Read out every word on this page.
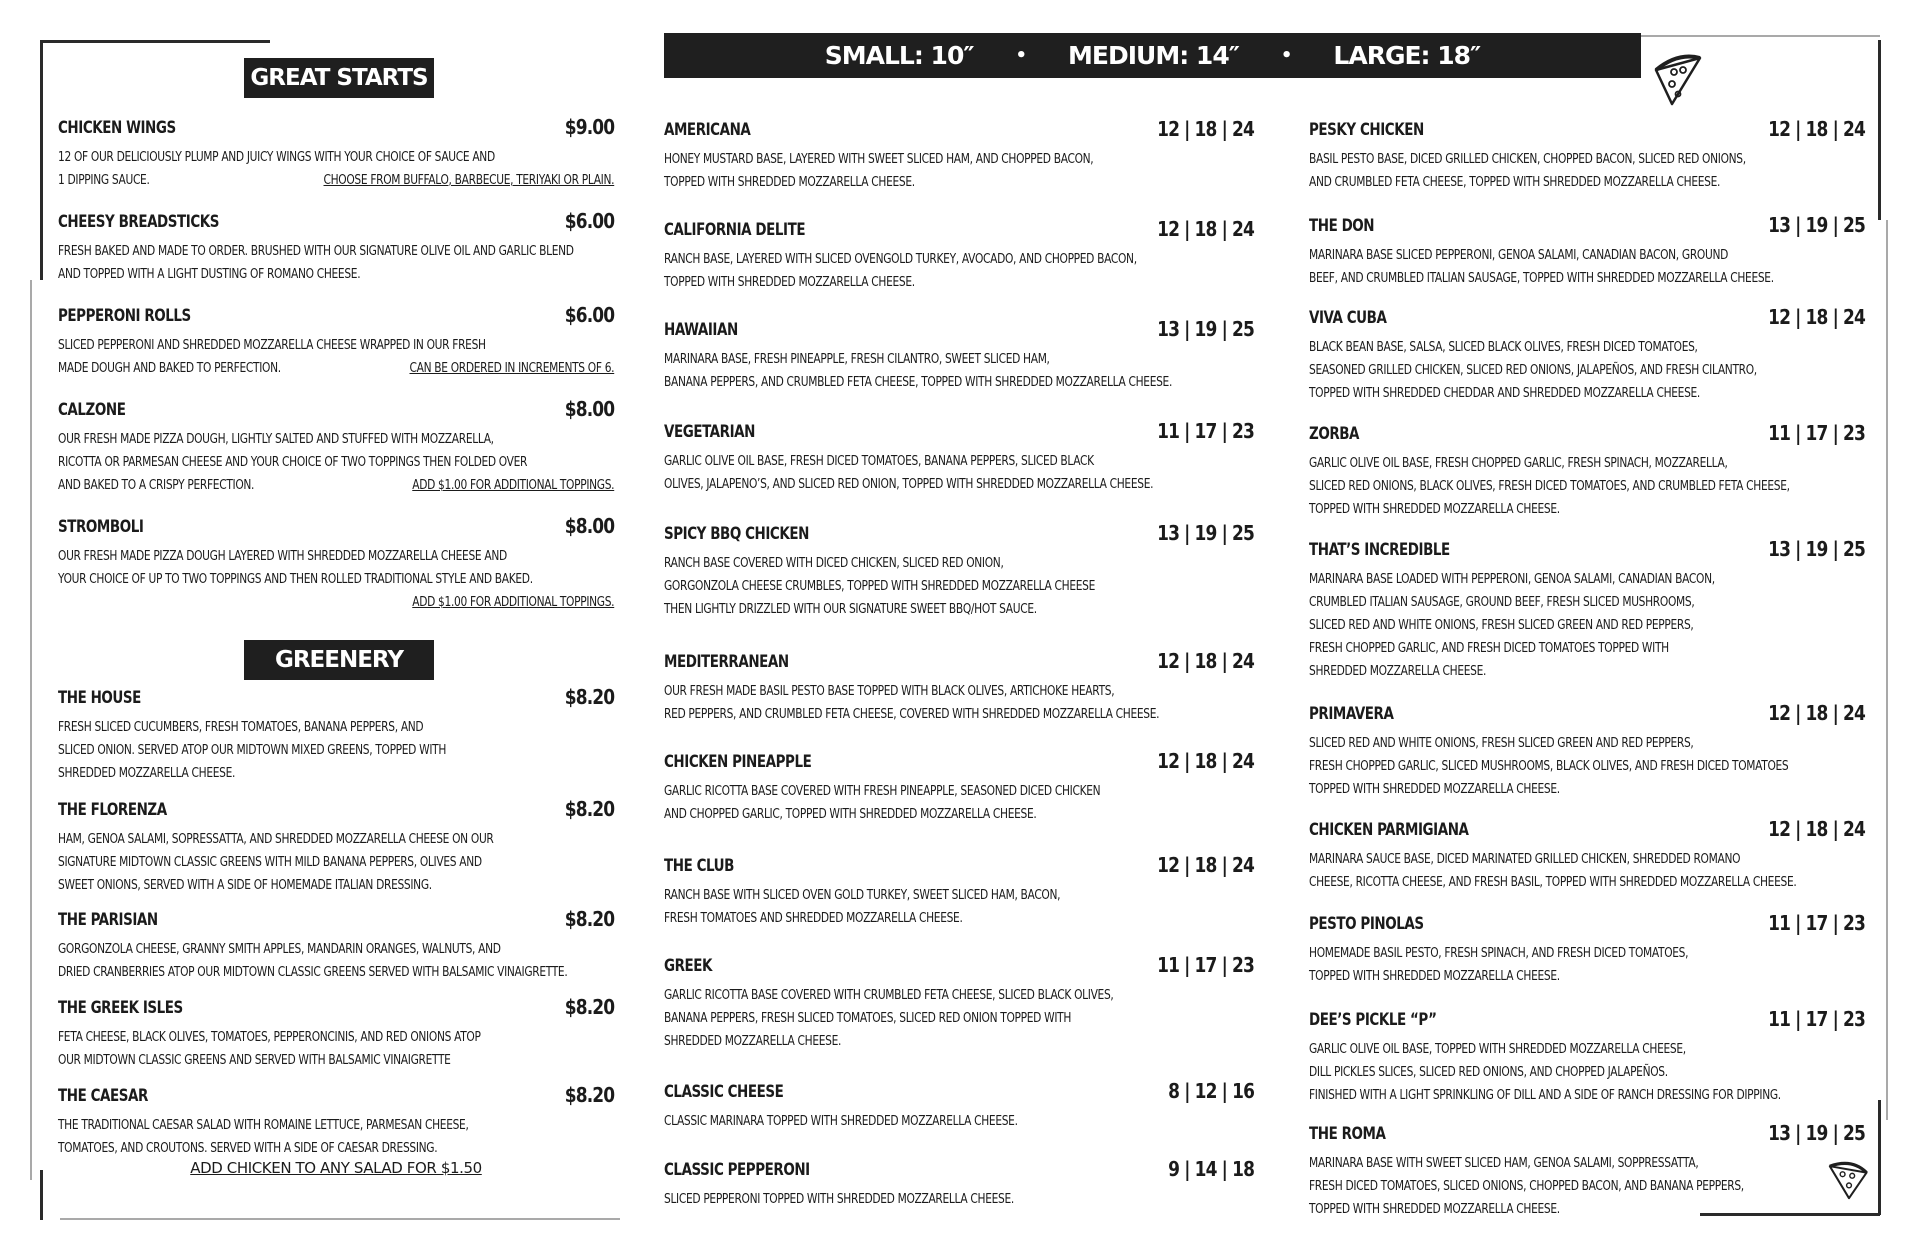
SMALL: 10″ • MEDIUM: 14″ • LARGE: 18″
GREAT STARTS
GREENERY
CHICKEN WINGS	$9.00
12 OF OUR DELICIOUSLY PLUMP AND JUICY WINGS WITH YOUR CHOICE OF SAUCE AND
1 DIPPING SAUCE.	CHOOSE FROM BUFFALO, BARBECUE, TERIYAKI OR PLAIN.
CHEESY BREADSTICKS	$6.00
FRESH BAKED AND MADE TO ORDER. BRUSHED WITH OUR SIGNATURE OLIVE OIL AND GARLIC BLEND
AND TOPPED WITH A LIGHT DUSTING OF ROMANO CHEESE.
PEPPERONI ROLLS	$6.00
SLICED PEPPERONI AND SHREDDED MOZZARELLA CHEESE WRAPPED IN OUR FRESH
MADE DOUGH AND BAKED TO PERFECTION.	CAN BE ORDERED IN INCREMENTS OF 6.
CALZONE	$8.00
OUR FRESH MADE PIZZA DOUGH, LIGHTLY SALTED AND STUFFED WITH MOZZARELLA,
RICOTTA OR PARMESAN CHEESE AND YOUR CHOICE OF TWO TOPPINGS THEN FOLDED OVER
AND BAKED TO A CRISPY PERFECTION.	ADD $1.00 FOR ADDITIONAL TOPPINGS.
STROMBOLI	$8.00
OUR FRESH MADE PIZZA DOUGH LAYERED WITH SHREDDED MOZZARELLA CHEESE AND
YOUR CHOICE OF UP TO TWO TOPPINGS AND THEN ROLLED TRADITIONAL STYLE AND BAKED.

ADD $1.00 FOR ADDITIONAL TOPPINGS.
THE HOUSE	$8.20
FRESH SLICED CUCUMBERS, FRESH TOMATOES, BANANA PEPPERS, AND
SLICED ONION. SERVED ATOP OUR MIDTOWN MIXED GREENS, TOPPED WITH
SHREDDED MOZZARELLA CHEESE.
THE FLORENZA	$8.20
HAM, GENOA SALAMI, SOPRESSATTA, AND SHREDDED MOZZARELLA CHEESE ON OUR
SIGNATURE MIDTOWN CLASSIC GREENS WITH MILD BANANA PEPPERS, OLIVES AND
SWEET ONIONS, SERVED WITH A SIDE OF HOMEMADE ITALIAN DRESSING.
THE PARISIAN	$8.20
GORGONZOLA CHEESE, GRANNY SMITH APPLES, MANDARIN ORANGES, WALNUTS, AND
DRIED CRANBERRIES ATOP OUR MIDTOWN CLASSIC GREENS SERVED WITH BALSAMIC VINAIGRETTE.
THE GREEK ISLES	$8.20
FETA CHEESE, BLACK OLIVES, TOMATOES, PEPPERONCINIS, AND RED ONIONS ATOP
OUR MIDTOWN CLASSIC GREENS AND SERVED WITH BALSAMIC VINAIGRETTE
THE CAESAR	$8.20
THE TRADITIONAL CAESAR SALAD WITH ROMAINE LETTUCE, PARMESAN CHEESE,
TOMATOES, AND CROUTONS. SERVED WITH A SIDE OF CAESAR DRESSING.
ADD CHICKEN TO ANY SALAD FOR $1.50
AMERICANA	12 | 18 | 24
HONEY MUSTARD BASE, LAYERED WITH SWEET SLICED HAM, AND CHOPPED BACON,
TOPPED WITH SHREDDED MOZZARELLA CHEESE.
CALIFORNIA DELITE	12 | 18 | 24
RANCH BASE, LAYERED WITH SLICED OVENGOLD TURKEY, AVOCADO, AND CHOPPED BACON,
TOPPED WITH SHREDDED MOZZARELLA CHEESE.
HAWAIIAN	13 | 19 | 25
MARINARA BASE, FRESH PINEAPPLE, FRESH CILANTRO, SWEET SLICED HAM,
BANANA PEPPERS, AND CRUMBLED FETA CHEESE, TOPPED WITH SHREDDED MOZZARELLA CHEESE.
VEGETARIAN	11 | 17 | 23
GARLIC OLIVE OIL BASE, FRESH DICED TOMATOES, BANANA PEPPERS, SLICED BLACK
OLIVES, JALAPENO’S, AND SLICED RED ONION, TOPPED WITH SHREDDED MOZZARELLA CHEESE.
SPICY BBQ CHICKEN	13 | 19 | 25
RANCH BASE COVERED WITH DICED CHICKEN, SLICED RED ONION,
GORGONZOLA CHEESE CRUMBLES, TOPPED WITH SHREDDED MOZZARELLA CHEESE
THEN LIGHTLY DRIZZLED WITH OUR SIGNATURE SWEET BBQ/HOT SAUCE.
MEDITERRANEAN	12 | 18 | 24
OUR FRESH MADE BASIL PESTO BASE TOPPED WITH BLACK OLIVES, ARTICHOKE HEARTS,
RED PEPPERS, AND CRUMBLED FETA CHEESE, COVERED WITH SHREDDED MOZZARELLA CHEESE.
CHICKEN PINEAPPLE	12 | 18 | 24
GARLIC RICOTTA BASE COVERED WITH FRESH PINEAPPLE, SEASONED DICED CHICKEN
AND CHOPPED GARLIC, TOPPED WITH SHREDDED MOZZARELLA CHEESE.
THE CLUB	12 | 18 | 24
RANCH BASE WITH SLICED OVEN GOLD TURKEY, SWEET SLICED HAM, BACON,
FRESH TOMATOES AND SHREDDED MOZZARELLA CHEESE.
GREEK	11 | 17 | 23
GARLIC RICOTTA BASE COVERED WITH CRUMBLED FETA CHEESE, SLICED BLACK OLIVES,
BANANA PEPPERS, FRESH SLICED TOMATOES, SLICED RED ONION TOPPED WITH
SHREDDED MOZZARELLA CHEESE.
CLASSIC CHEESE	8 | 12 | 16
CLASSIC MARINARA TOPPED WITH SHREDDED MOZZARELLA CHEESE.
CLASSIC PEPPERONI	9 | 14 | 18
SLICED PEPPERONI TOPPED WITH SHREDDED MOZZARELLA CHEESE.
PESKY CHICKEN	12 | 18 | 24
BASIL PESTO BASE, DICED GRILLED CHICKEN, CHOPPED BACON, SLICED RED ONIONS,
AND CRUMBLED FETA CHEESE, TOPPED WITH SHREDDED MOZZARELLA CHEESE.
THE DON	13 | 19 | 25
MARINARA BASE SLICED PEPPERONI, GENOA SALAMI, CANADIAN BACON, GROUND
BEEF, AND CRUMBLED ITALIAN SAUSAGE, TOPPED WITH SHREDDED MOZZARELLA CHEESE.
VIVA CUBA	12 | 18 | 24
BLACK BEAN BASE, SALSA, SLICED BLACK OLIVES, FRESH DICED TOMATOES,
SEASONED GRILLED CHICKEN, SLICED RED ONIONS, JALAPEÑOS, AND FRESH CILANTRO,
TOPPED WITH SHREDDED CHEDDAR AND SHREDDED MOZZARELLA CHEESE.
ZORBA	11 | 17 | 23
GARLIC OLIVE OIL BASE, FRESH CHOPPED GARLIC, FRESH SPINACH, MOZZARELLA,
SLICED RED ONIONS, BLACK OLIVES, FRESH DICED TOMATOES, AND CRUMBLED FETA CHEESE,
TOPPED WITH SHREDDED MOZZARELLA CHEESE.
THAT’S INCREDIBLE	13 | 19 | 25
MARINARA BASE LOADED WITH PEPPERONI, GENOA SALAMI, CANADIAN BACON,
CRUMBLED ITALIAN SAUSAGE, GROUND BEEF, FRESH SLICED MUSHROOMS,
SLICED RED AND WHITE ONIONS, FRESH SLICED GREEN AND RED PEPPERS,
FRESH CHOPPED GARLIC, AND FRESH DICED TOMATOES TOPPED WITH
SHREDDED MOZZARELLA CHEESE.
PRIMAVERA	12 | 18 | 24
SLICED RED AND WHITE ONIONS, FRESH SLICED GREEN AND RED PEPPERS,
FRESH CHOPPED GARLIC, SLICED MUSHROOMS, BLACK OLIVES, AND FRESH DICED TOMATOES
TOPPED WITH SHREDDED MOZZARELLA CHEESE.
CHICKEN PARMIGIANA	12 | 18 | 24
MARINARA SAUCE BASE, DICED MARINATED GRILLED CHICKEN, SHREDDED ROMANO
CHEESE, RICOTTA CHEESE, AND FRESH BASIL, TOPPED WITH SHREDDED MOZZARELLA CHEESE.
PESTO PINOLAS	11 | 17 | 23
HOMEMADE BASIL PESTO, FRESH SPINACH, AND FRESH DICED TOMATOES,
TOPPED WITH SHREDDED MOZZARELLA CHEESE.
DEE’S PICKLE “P”	11 | 17 | 23
GARLIC OLIVE OIL BASE, TOPPED WITH SHREDDED MOZZARELLA CHEESE,
DILL PICKLES SLICES, SLICED RED ONIONS, AND CHOPPED JALAPEÑOS.
FINISHED WITH A LIGHT SPRINKLING OF DILL AND A SIDE OF RANCH DRESSING FOR DIPPING.
THE ROMA	13 | 19 | 25
MARINARA BASE WITH SWEET SLICED HAM, GENOA SALAMI, SOPPRESSATTA,
FRESH DICED TOMATOES, SLICED ONIONS, CHOPPED BACON, AND BANANA PEPPERS,
TOPPED WITH SHREDDED MOZZARELLA CHEESE.
